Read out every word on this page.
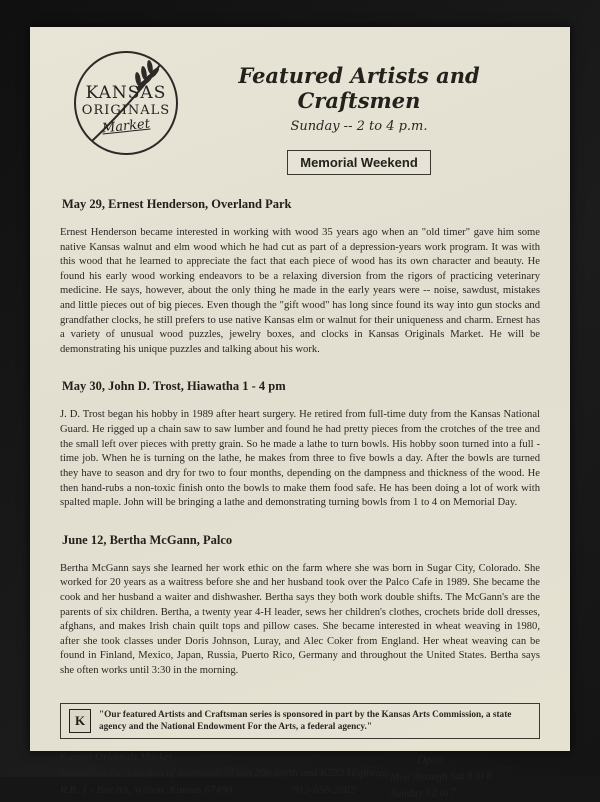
KANSAS
ORIGINALS
Market
Featured Artists and Craftsmen
Sunday -- 2 to 4 p.m.
Memorial Weekend
May 29, Ernest Henderson, Overland Park

Ernest Henderson became interested in working with wood 35 years ago when an "old timer" gave him some native Kansas walnut and elm wood which he had cut as part of a depression-years work program. It was with this wood that he learned to appreciate the fact that each piece of wood has its own character and beauty. He found his early wood working endeavors to be a relaxing diversion from the rigors of practicing veterinary medicine. He says, however, about the only thing he made in the early years were -- noise, sawdust, mistakes and little pieces out of big pieces. Even though the "gift wood" has long since found its way into gun stocks and grandfather clocks, he still prefers to use native Kansas elm or walnut for their uniqueness and charm. Ernest has a variety of unusual wood puzzles, jewelry boxes, and clocks in Kansas Originals Market. He will be demonstrating his unique puzzles and talking about his work.

May 30, John D. Trost, Hiawatha 1 - 4 pm

J. D. Trost began his hobby in 1989 after heart surgery. He retired from full-time duty from the Kansas National Guard. He rigged up a chain saw to saw lumber and found he had pretty pieces from the crotches of the tree and the small left over pieces with pretty grain. So he made a lathe to turn bowls. His hobby soon turned into a full -time job. When he is turning on the lathe, he makes from three to five bowls a day. After the bowls are turned they have to season and dry for two to four months, depending on the dampness and thickness of the wood. He then hand-rubs a non-toxic finish onto the bowls to make them food safe. He has been doing a lot of work with spalted maple. John will be bringing a lathe and demonstrating turning bowls from 1 to 4 on Memorial Day.

June 12, Bertha McGann, Palco

Bertha McGann says she learned her work ethic on the farm where she was born in Sugar City, Colorado. She worked for 20 years as a waitress before she and her husband took over the Palco Cafe in 1989. She became the cook and her husband a waiter and dishwasher. Bertha says they both work double shifts. The McGann's are the parents of six children. Bertha, a twenty year 4-H leader, sews her children's clothes, crochets bride doll dresses, afghans, and makes Irish chain quilt tops and pillow cases. She became interested in wheat weaving in 1980, after she took classes under Doris Johnson, Luray, and Alec Coker from England. Her wheat weaving can be found in Finland, Mexico, Japan, Russia, Puerto Rico, Germany and throughout the United States. Bertha says she often works until 3:30 in the morning.

K "Our featured Artists and Craftsman series is sponsored in part by the Kansas Arts Commission, a state agency and the National Endowment For the Arts, a federal agency."

Kansas Originals Market
Located at the Junction of Interstate 70 exit 206 north and K232 Highway.
R.R. 1 - Box 8A, Wilson, Kansas 67490	913-658-2602
Open:
Mon through Sat 8 to 8
Sunday 12 to 7
